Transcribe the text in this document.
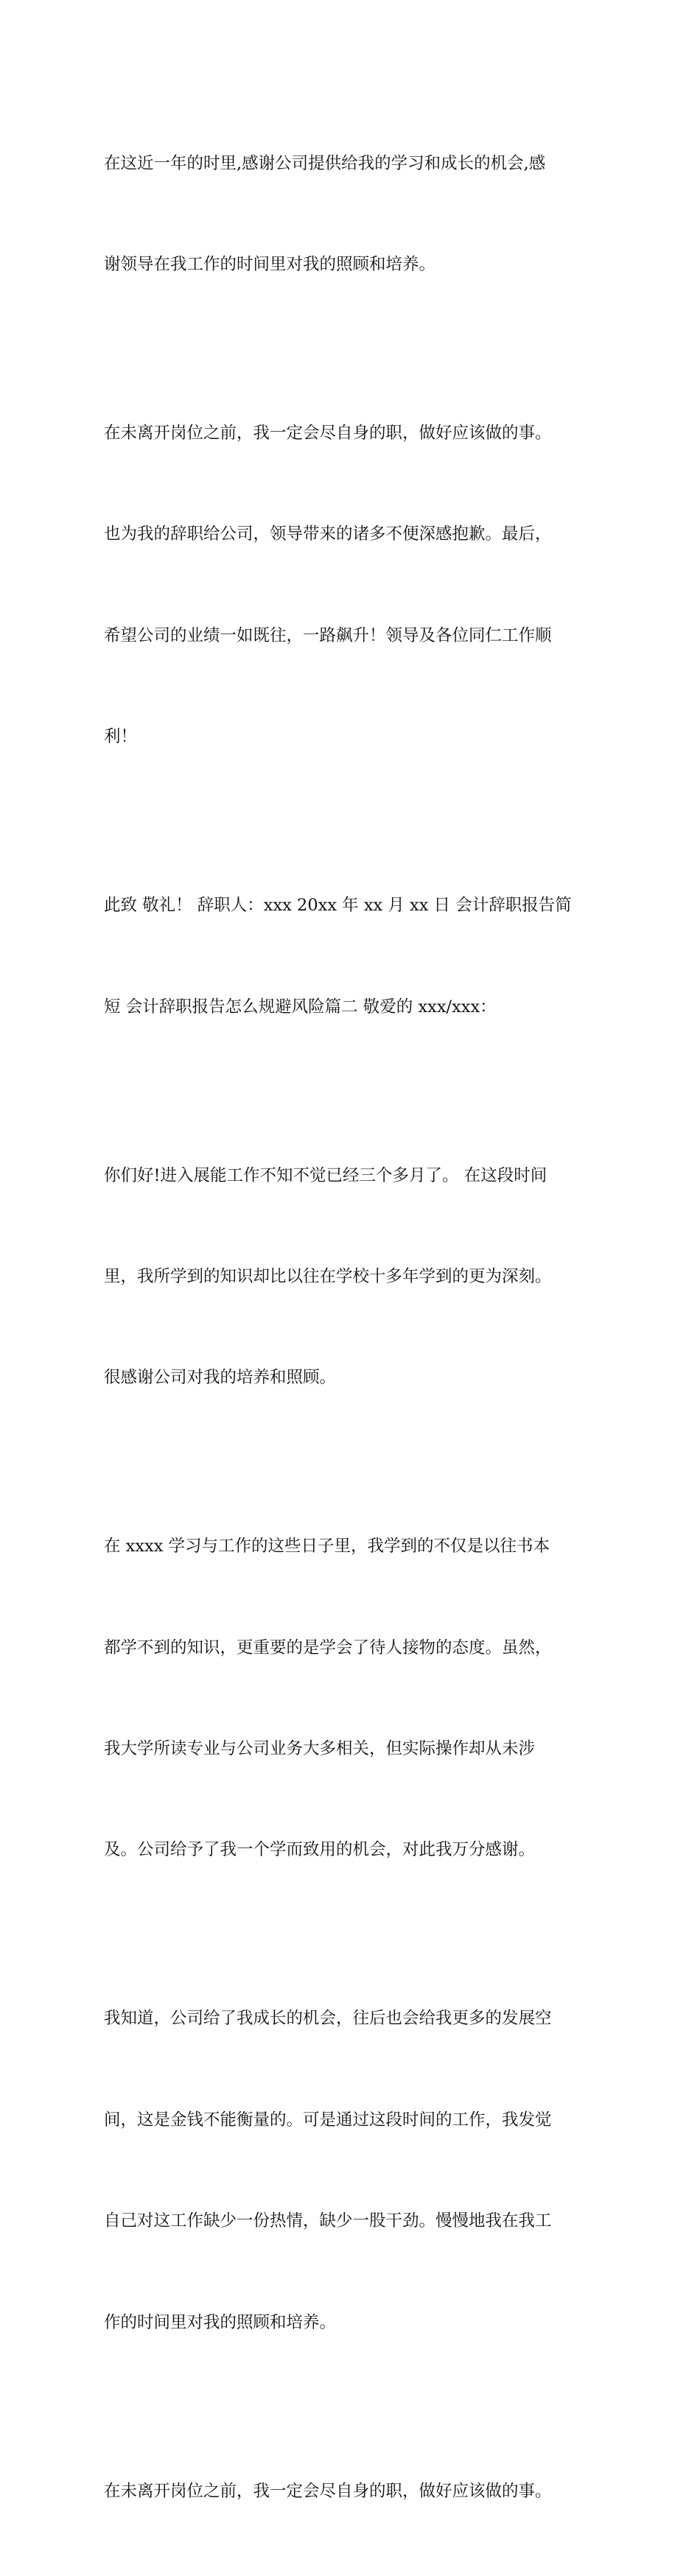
在这近一年的时里,感谢公司提供给我的学习和成长的机会,感

谢领导在我工作的时间里对我的照顾和培养。

在未离开岗位之前，我一定会尽自身的职，做好应该做的事。

也为我的辞职给公司，领导带来的诸多不便深感抱歉。最后，

希望公司的业绩一如既往，一路飙升！领导及各位同仁工作顺

利！

此致 敬礼！ 辞职人：xxx 20xx 年 xx 月 xx 日 会计辞职报告简

短 会计辞职报告怎么规避风险篇二 敬爱的 xxx/xxx：

你们好!进入展能工作不知不觉已经三个多月了。 在这段时间

里，我所学到的知识却比以往在学校十多年学到的更为深刻。

很感谢公司对我的培养和照顾。

在 xxxx 学习与工作的这些日子里，我学到的不仅是以往书本

都学不到的知识，更重要的是学会了待人接物的态度。虽然，

我大学所读专业与公司业务大多相关，但实际操作却从未涉

及。公司给予了我一个学而致用的机会，对此我万分感谢。

我知道，公司给了我成长的机会，往后也会给我更多的发展空

间，这是金钱不能衡量的。可是通过这段时间的工作，我发觉

自己对这工作缺少一份热情，缺少一股干劲。慢慢地我在我工

作的时间里对我的照顾和培养。

在未离开岗位之前，我一定会尽自身的职，做好应该做的事。
